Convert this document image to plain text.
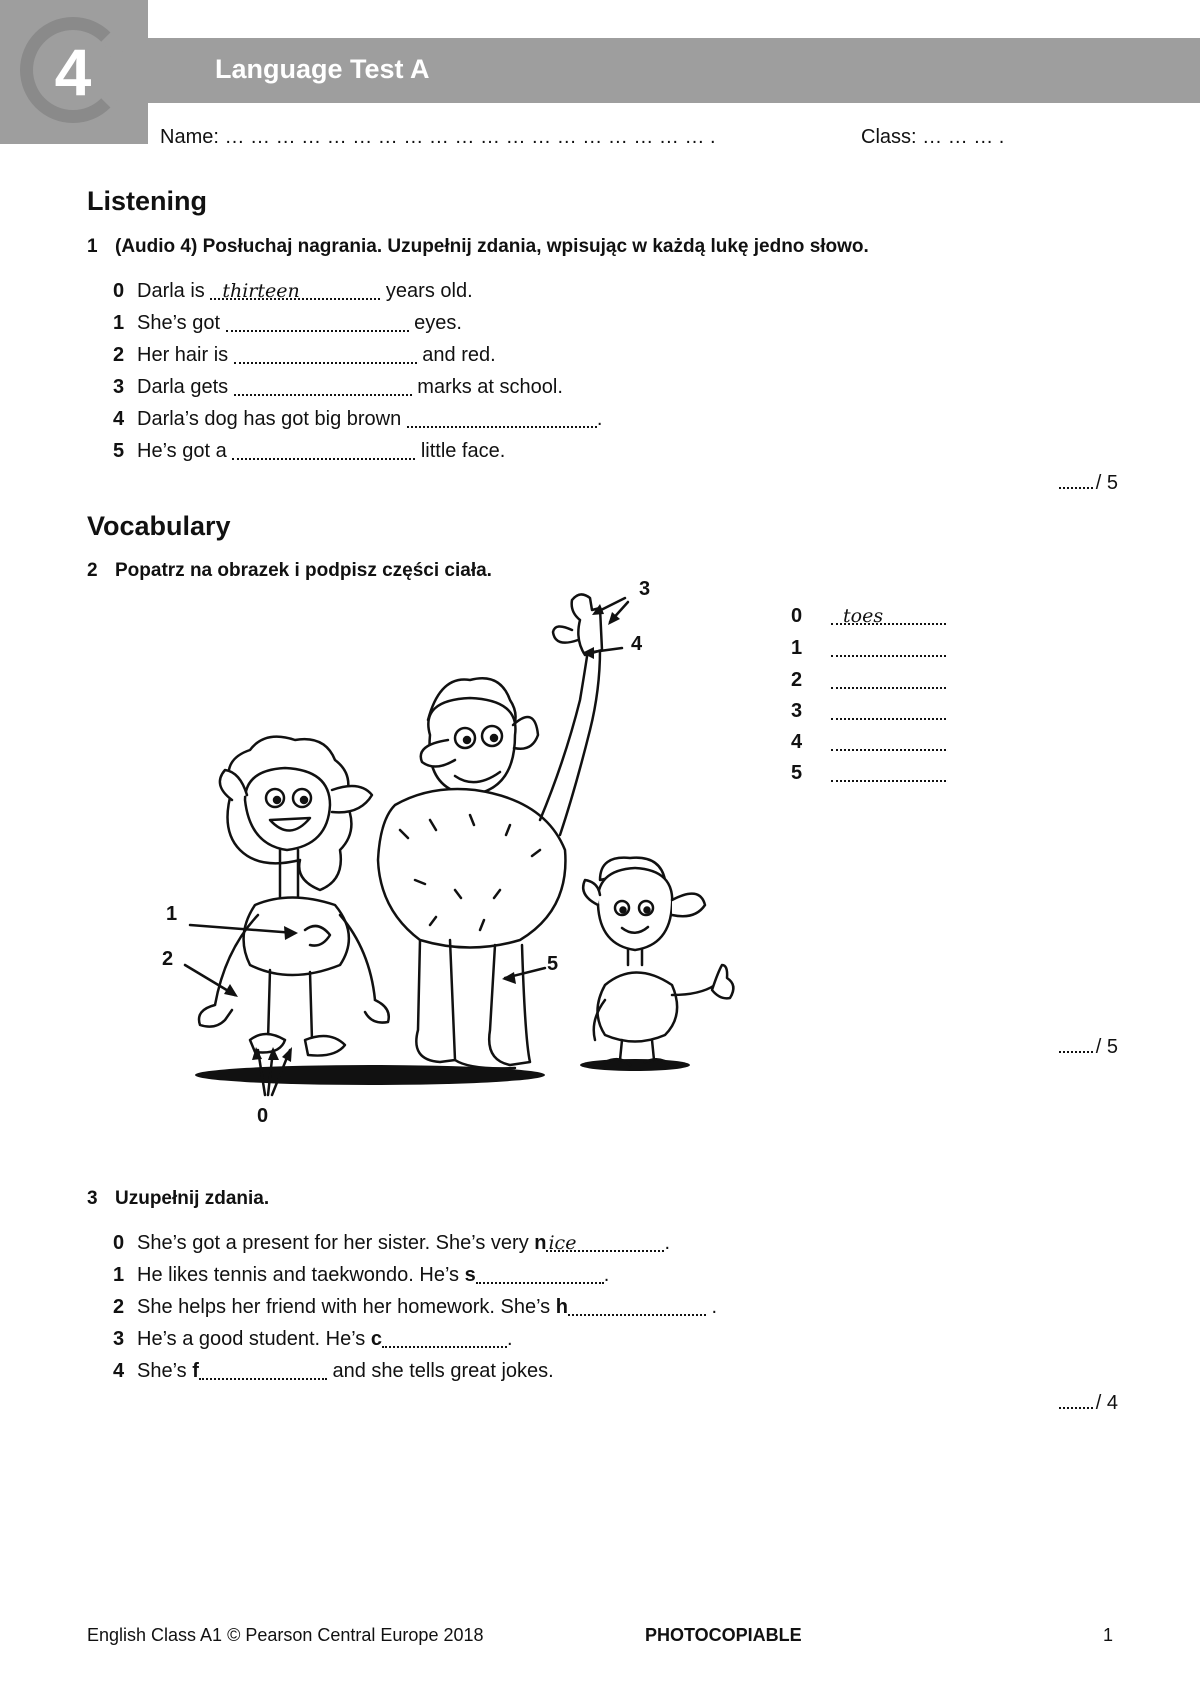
4	Language Test A
Name: … … … … … … … … … … … … … … … … … … … .	Class: … … … .
Listening
1 (Audio 4) Posłuchaj nagrania. Uzupełnij zdania, wpisując w każdą lukę jedno słowo.
0 Darla is thirteen	years old.
1 She’s got	eyes.
2 Her hair is	and red.
3 Darla gets	marks at school.
4 Darla’s dog has got big brown	.
5 He’s got a	little face.
/ 5
Vocabulary
2 Popatrz na obrazek i podpisz części ciała.
0
1
2
3
4
5
0 toes
1
2
3
4
5
/ 5
3 Uzupełnij zdania.
0 She’s got a present for her sister. She’s very n ice	.
1 He likes tennis and taekwondo. He’s s	.
2 She helps her friend with her homework. She’s h	.
3 He’s a good student. He’s c	.
4 She’s f	and she tells great jokes.
/ 4
English Class A1 © Pearson Central Europe 2018	PHOTOCOPIABLE	1
